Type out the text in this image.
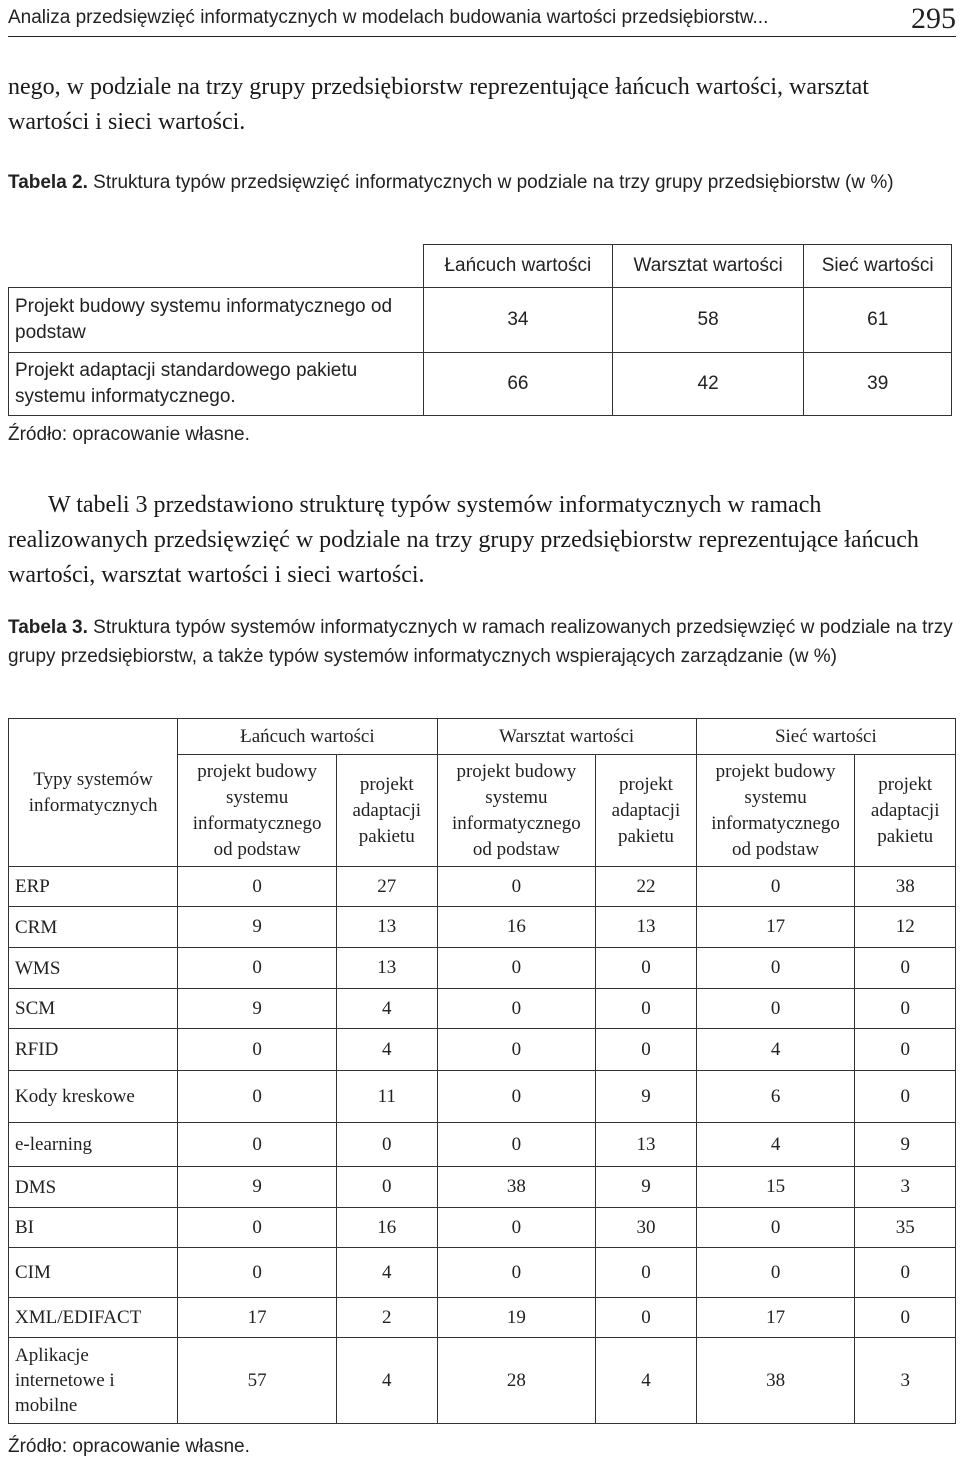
Analiza przedsięwzięć informatycznych w modelach budowania wartości przedsiębiorstw...	295

nego, w podziale na trzy grupy przedsiębiorstw reprezentujące łańcuch wartości, warsztat wartości i sieci wartości.

Tabela 2. Struktura typów przedsięwzięć informatycznych w podziale na trzy grupy przedsiębiorstw (w %)

	Łańcuch wartości	Warsztat wartości	Sieć wartości
Projekt budowy systemu informatycznego od podstaw	34	58	61
Projekt adaptacji standardowego pakietu systemu informatycznego.	66	42	39
Źródło: opracowanie własne.

W tabeli 3 przedstawiono strukturę typów systemów informatycznych w ramach realizowanych przedsięwzięć w podziale na trzy grupy przedsiębiorstw reprezentujące łańcuch wartości, warsztat wartości i sieci wartości.

Tabela 3. Struktura typów systemów informatycznych w ramach realizowanych przedsięwzięć w podziale na trzy grupy przedsiębiorstw, a także typów systemów informatycznych wspierających zarządzanie (w %)

Typy systemów informatycznych	Łańcuch wartości		Warsztat wartości		Sieć wartości	
	projekt budowy systemu informatycznego od podstaw	projekt adaptacji pakietu	projekt budowy systemu informatycznego od podstaw	projekt adaptacji pakietu	projekt budowy systemu informatycznego od podstaw	projekt adaptacji pakietu
ERP	0	27	0	22	0	38
CRM	9	13	16	13	17	12
WMS	0	13	0	0	0	0
SCM	9	4	0	0	0	0
RFID	0	4	0	0	4	0
Kody kreskowe	0	11	0	9	6	0
e-learning	0	0	0	13	4	9
DMS	9	0	38	9	15	3
BI	0	16	0	30	0	35
CIM	0	4	0	0	0	0
XML/EDIFACT	17	2	19	0	17	0
Aplikacje internetowe i mobilne	57	4	28	4	38	3
Źródło: opracowanie własne.
